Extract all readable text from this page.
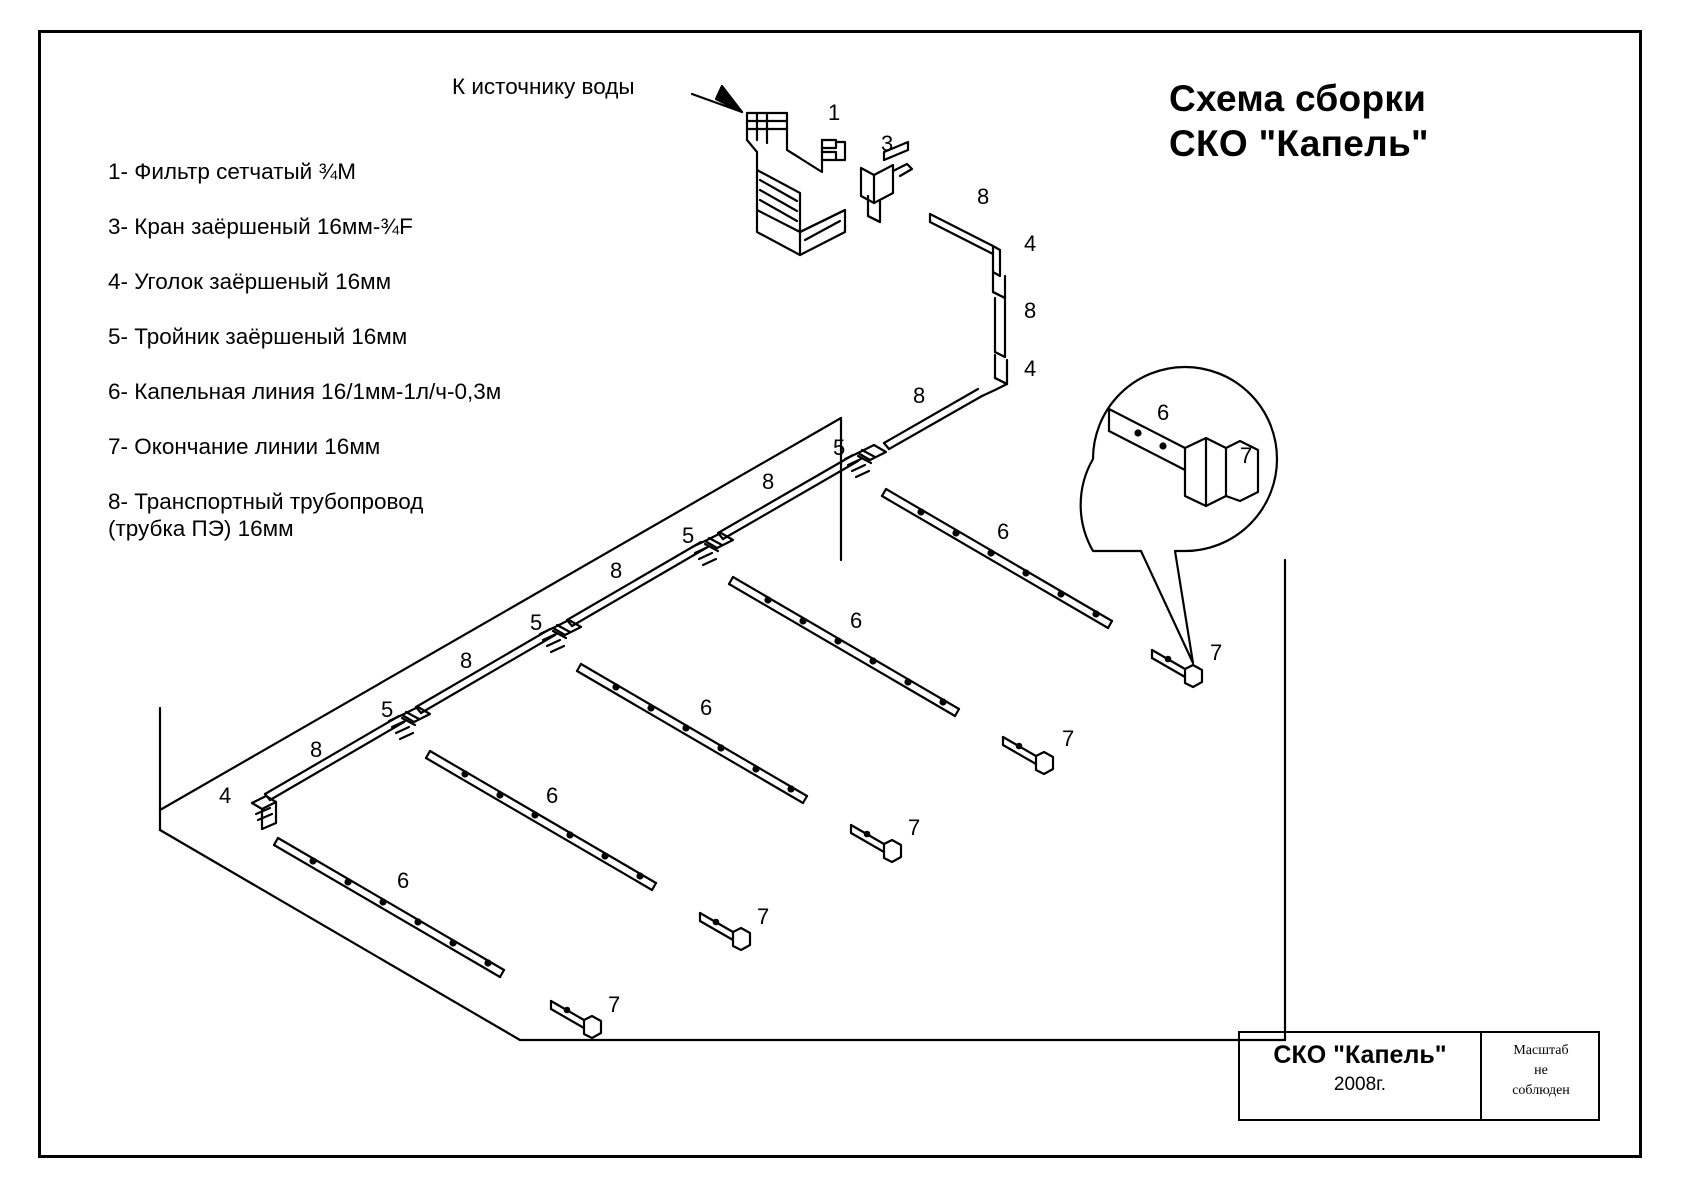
Схема сборки
СКО "Капель"
К источнику воды
1- Фильтр сетчатый ¾М
3- Кран заёршеный 16мм-¾F
4- Уголок заёршеный 16мм
5- Тройник заёршеный 16мм
6- Капельная линия 16/1мм-1л/ч-0,3м
7- Окончание линии 16мм
8- Транспортный трубопровод
(трубка ПЭ) 16мм
1
3
8
4
8
4
8
5
8
6
5
8
6
5
8
6
5
8
6
4
6
6
7
7
7
7
7
7
СКО "Капель"
2008г.
Масштаб
не
соблюден
